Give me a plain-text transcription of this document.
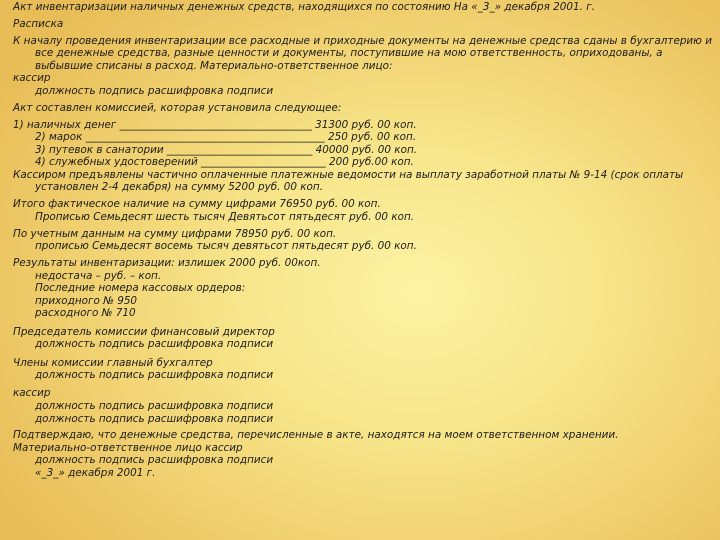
Акт инвентаризации наличных денежных средств, находящихся по состоянию На «_3_» декабря 2001. г.

Расписка

К началу проведения инвентаризации все расходные и приходные документы на денежные средства сданы в бухгалтерию и все денежные средства, разные ценности и документы, поступившие на мою ответственность, оприходованы, а выбывшие списаны в расход. Материально-ответственное лицо:

кассир

должность подпись расшифровка подписи

Акт составлен комиссией, которая установила следующее:

1) наличных денег _____________________________________ 31300 руб. 00 коп.

2) марок ______________________________________________ 250 руб. 00 коп.

3) путевок в санатории ____________________________ 40000 руб. 00 коп.

4) служебных удостоверений ________________________ 200 руб.00 коп.

Кассиром предъявлены частично оплаченные платежные ведомости на выплату заработной платы № 9-14 (срок оплаты установлен 2-4 декабря) на сумму 5200 руб. 00 коп.

Итого фактическое наличие на сумму цифрами 76950 руб. 00 коп.

Прописью Семьдесят шесть тысяч Девятьсот пятьдесят руб. 00 коп.

По учетным данным на сумму цифрами 78950 руб. 00 коп.

прописью Семьдесят восемь тысяч девятьсот пятьдесят руб. 00 коп.

Результаты инвентаризации: излишек 2000 руб. 00коп.

недостача – руб. – коп.

Последние номера кассовых ордеров:

приходного № 950

расходного № 710

Председатель комиссии финансовый директор

должность подпись расшифровка подписи

Члены комиссии главный бухгалтер

должность подпись расшифровка подписи

кассир

должность подпись расшифровка подписи

должность подпись расшифровка подписи

Подтверждаю, что денежные средства, перечисленные в акте, находятся на моем ответственном хранении.

Материально-ответственное лицо кассир

должность подпись расшифровка подписи

«_3_» декабря 2001 г.
